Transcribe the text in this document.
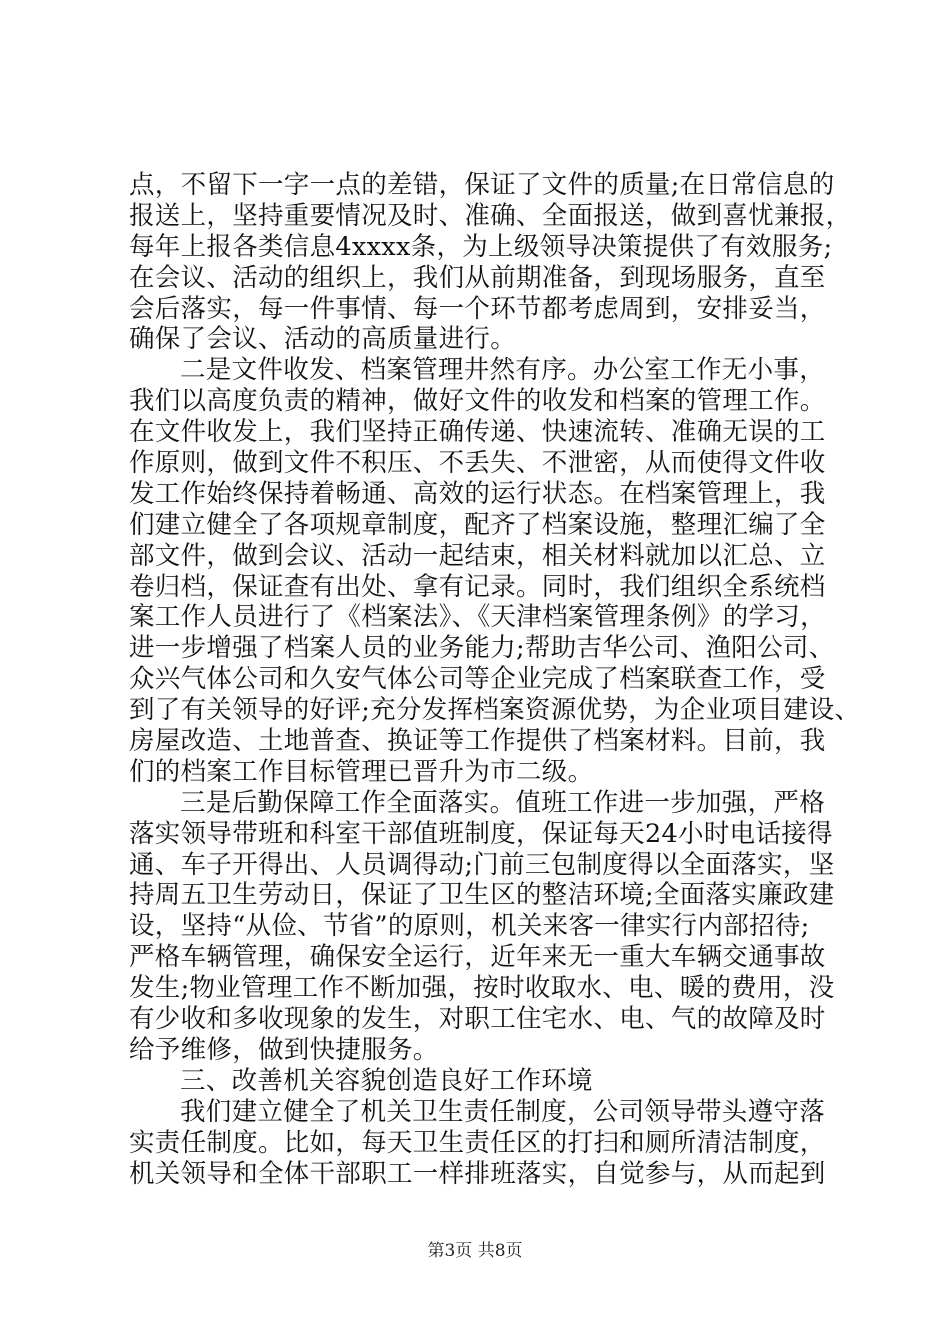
点，不留下一字一点的差错，保证了文件的质量;在日常信息的
报送上，坚持重要情况及时、准确、全面报送，做到喜忧兼报，
每年上报各类信息4xxxx条，为上级领导决策提供了有效服务;
在会议、活动的组织上，我们从前期准备，到现场服务，直至
会后落实，每一件事情、每一个环节都考虑周到，安排妥当，
确保了会议、活动的高质量进行。
二是文件收发、档案管理井然有序。办公室工作无小事，
我们以高度负责的精神，做好文件的收发和档案的管理工作。
在文件收发上，我们坚持正确传递、快速流转、准确无误的工
作原则，做到文件不积压、不丢失、不泄密，从而使得文件收
发工作始终保持着畅通、高效的运行状态。在档案管理上，我
们建立健全了各项规章制度，配齐了档案设施，整理汇编了全
部文件，做到会议、活动一起结束，相关材料就加以汇总、立
卷归档，保证查有出处、拿有记录。同时，我们组织全系统档
案工作人员进行了《档案法》、《天津档案管理条例》的学习，
进一步增强了档案人员的业务能力;帮助吉华公司、渔阳公司、
众兴气体公司和久安气体公司等企业完成了档案联查工作，受
到了有关领导的好评;充分发挥档案资源优势，为企业项目建设、
房屋改造、土地普查、换证等工作提供了档案材料。目前，我
们的档案工作目标管理已晋升为市二级。
三是后勤保障工作全面落实。值班工作进一步加强，严格
落实领导带班和科室干部值班制度，保证每天24小时电话接得
通、车子开得出、人员调得动;门前三包制度得以全面落实，坚
持周五卫生劳动日，保证了卫生区的整洁环境;全面落实廉政建
设，坚持“从俭、节省”的原则，机关来客一律实行内部招待;
严格车辆管理，确保安全运行，近年来无一重大车辆交通事故
发生;物业管理工作不断加强，按时收取水、电、暖的费用，没
有少收和多收现象的发生，对职工住宅水、电、气的故障及时
给予维修，做到快捷服务。
三、改善机关容貌创造良好工作环境
我们建立健全了机关卫生责任制度，公司领导带头遵守落
实责任制度。比如，每天卫生责任区的打扫和厕所清洁制度，
机关领导和全体干部职工一样排班落实，自觉参与，从而起到
第3页 共8页
